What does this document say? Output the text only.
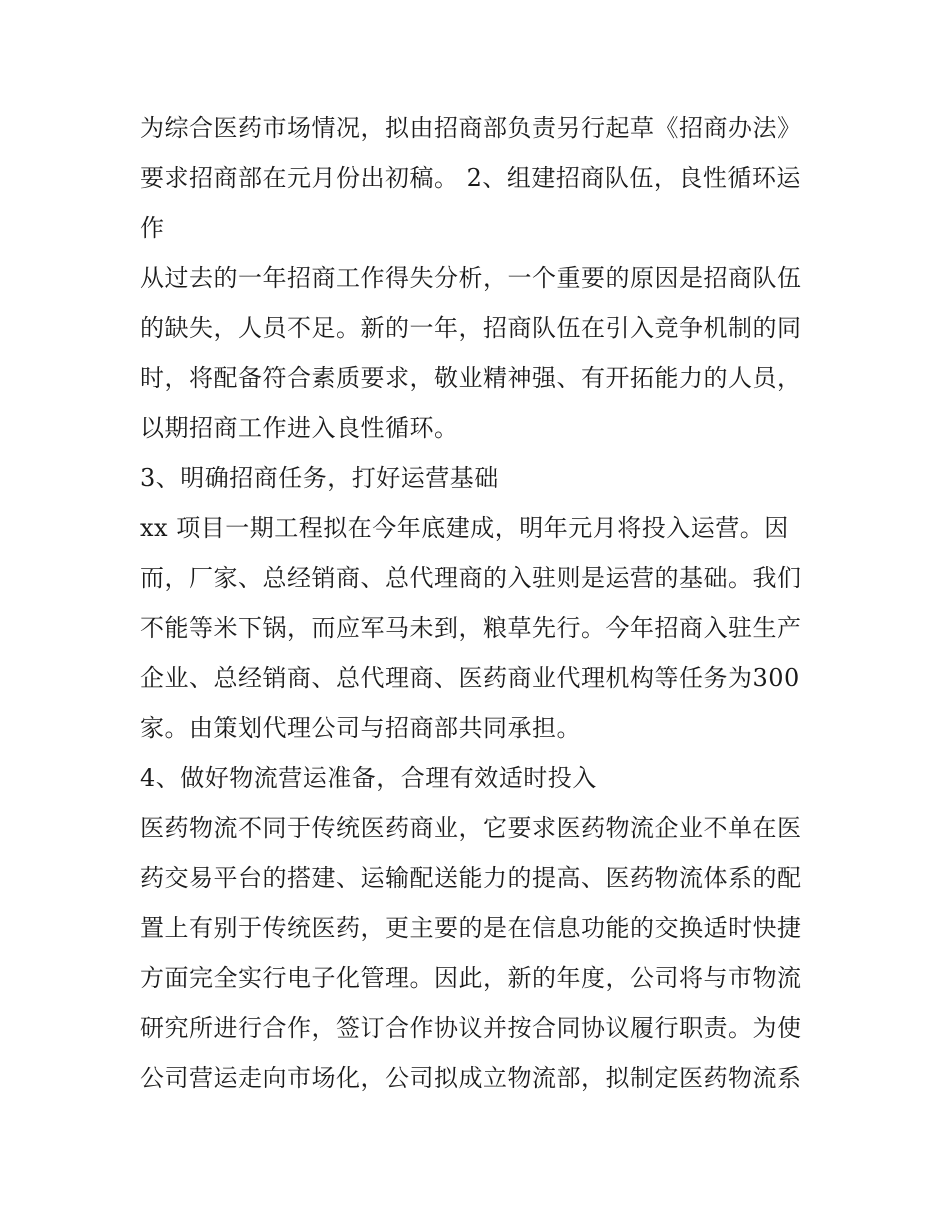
为综合医药市场情况，拟由招商部负责另行起草《招商办法》要求招商部在元月份出初稿。 2、组建招商队伍，良性循环运作

从过去的一年招商工作得失分析，一个重要的原因是招商队伍的缺失，人员不足。新的一年，招商队伍在引入竞争机制的同时，将配备符合素质要求，敬业精神强、有开拓能力的人员，以期招商工作进入良性循环。

3、明确招商任务，打好运营基础

xx 项目一期工程拟在今年底建成，明年元月将投入运营。因而，厂家、总经销商、总代理商的入驻则是运营的基础。我们不能等米下锅，而应军马未到，粮草先行。今年招商入驻生产企业、总经销商、总代理商、医药商业代理机构等任务为300家。由策划代理公司与招商部共同承担。

4、做好物流营运准备，合理有效适时投入

医药物流不同于传统医药商业，它要求医药物流企业不单在医药交易平台的搭建、运输配送能力的提高、医药物流体系的配置上有别于传统医药，更主要的是在信息功能的交换适时快捷方面完全实行电子化管理。因此，新的年度，公司将与市物流研究所进行合作，签订合作协议并按合同协议履行职责。为使公司营运走向市场化，公司拟成立物流部，拟制定医药物流系
